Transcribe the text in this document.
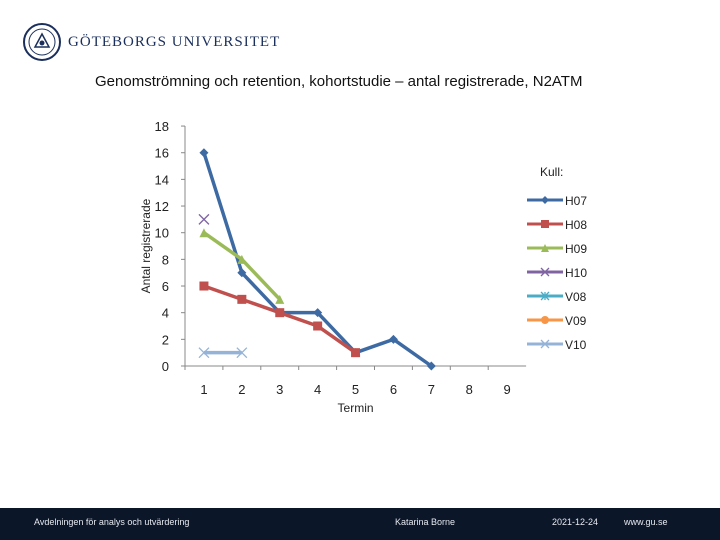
GÖTEBORGS UNIVERSITET
Genomströmning och retention, kohortstudie – antal registrerade, N2ATM
0
2
4
6
8
10
12
14
16
18
1 2 3 4 5 6 7 8 9
Termin
Antal registrerade
Kull:
H07
H08
H09
H10
V08
V09
V10
Avdelningen för analys och utvärdering	Katarina Borne	2021-12-24	www.gu.se
